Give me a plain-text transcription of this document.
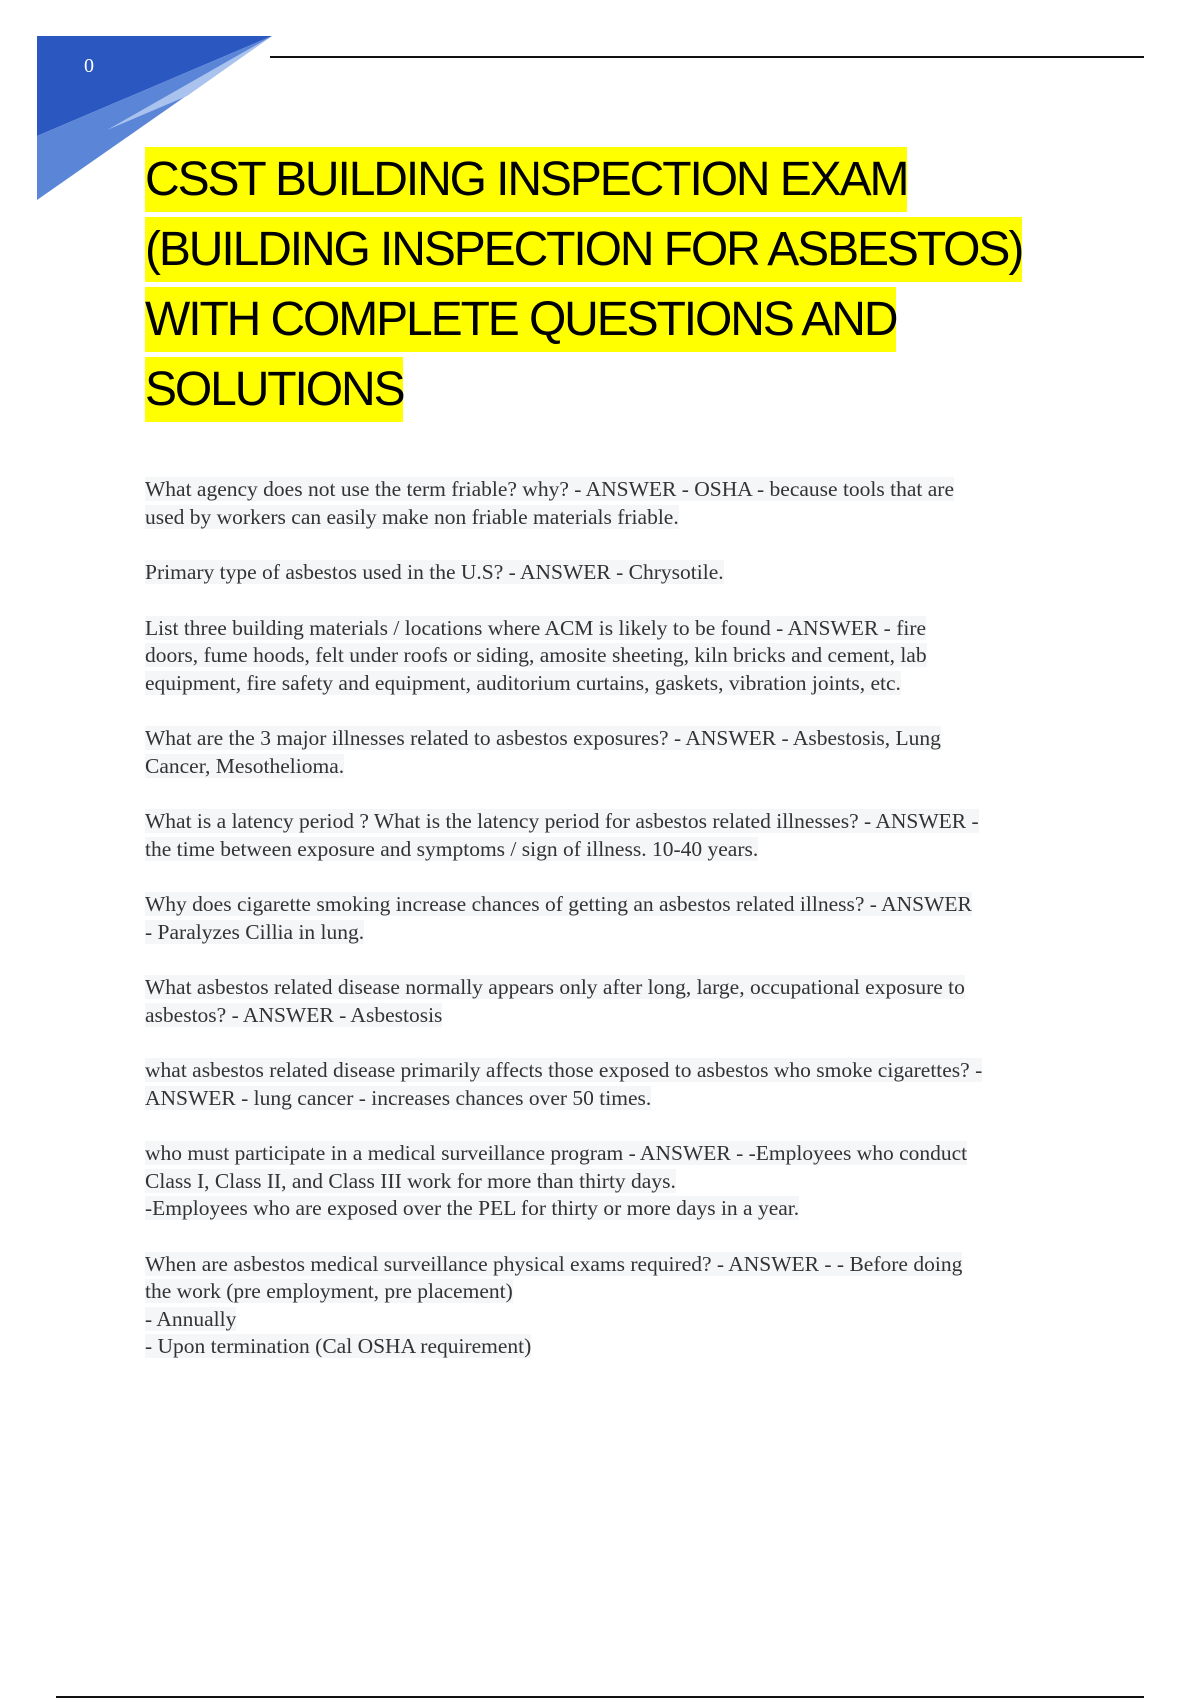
0
CSST BUILDING INSPECTION EXAM
(BUILDING INSPECTION FOR ASBESTOS)
WITH COMPLETE QUESTIONS AND
SOLUTIONS
What agency does not use the term friable? why? - ANSWER - OSHA - because tools that are
used by workers can easily make non friable materials friable.
Primary type of asbestos used in the U.S? - ANSWER - Chrysotile.
List three building materials / locations where ACM is likely to be found - ANSWER - fire
doors, fume hoods, felt under roofs or siding, amosite sheeting, kiln bricks and cement, lab
equipment, fire safety and equipment, auditorium curtains, gaskets, vibration joints, etc.
What are the 3 major illnesses related to asbestos exposures? - ANSWER - Asbestosis, Lung
Cancer, Mesothelioma.
What is a latency period ? What is the latency period for asbestos related illnesses? - ANSWER -
the time between exposure and symptoms / sign of illness. 10-40 years.
Why does cigarette smoking increase chances of getting an asbestos related illness? - ANSWER
- Paralyzes Cillia in lung.
What asbestos related disease normally appears only after long, large, occupational exposure to
asbestos? - ANSWER - Asbestosis
what asbestos related disease primarily affects those exposed to asbestos who smoke cigarettes? -
ANSWER - lung cancer - increases chances over 50 times.
who must participate in a medical surveillance program - ANSWER - -Employees who conduct
Class I, Class II, and Class III work for more than thirty days.
-Employees who are exposed over the PEL for thirty or more days in a year.
When are asbestos medical surveillance physical exams required? - ANSWER - - Before doing
the work (pre employment, pre placement)
- Annually
- Upon termination (Cal OSHA requirement)
